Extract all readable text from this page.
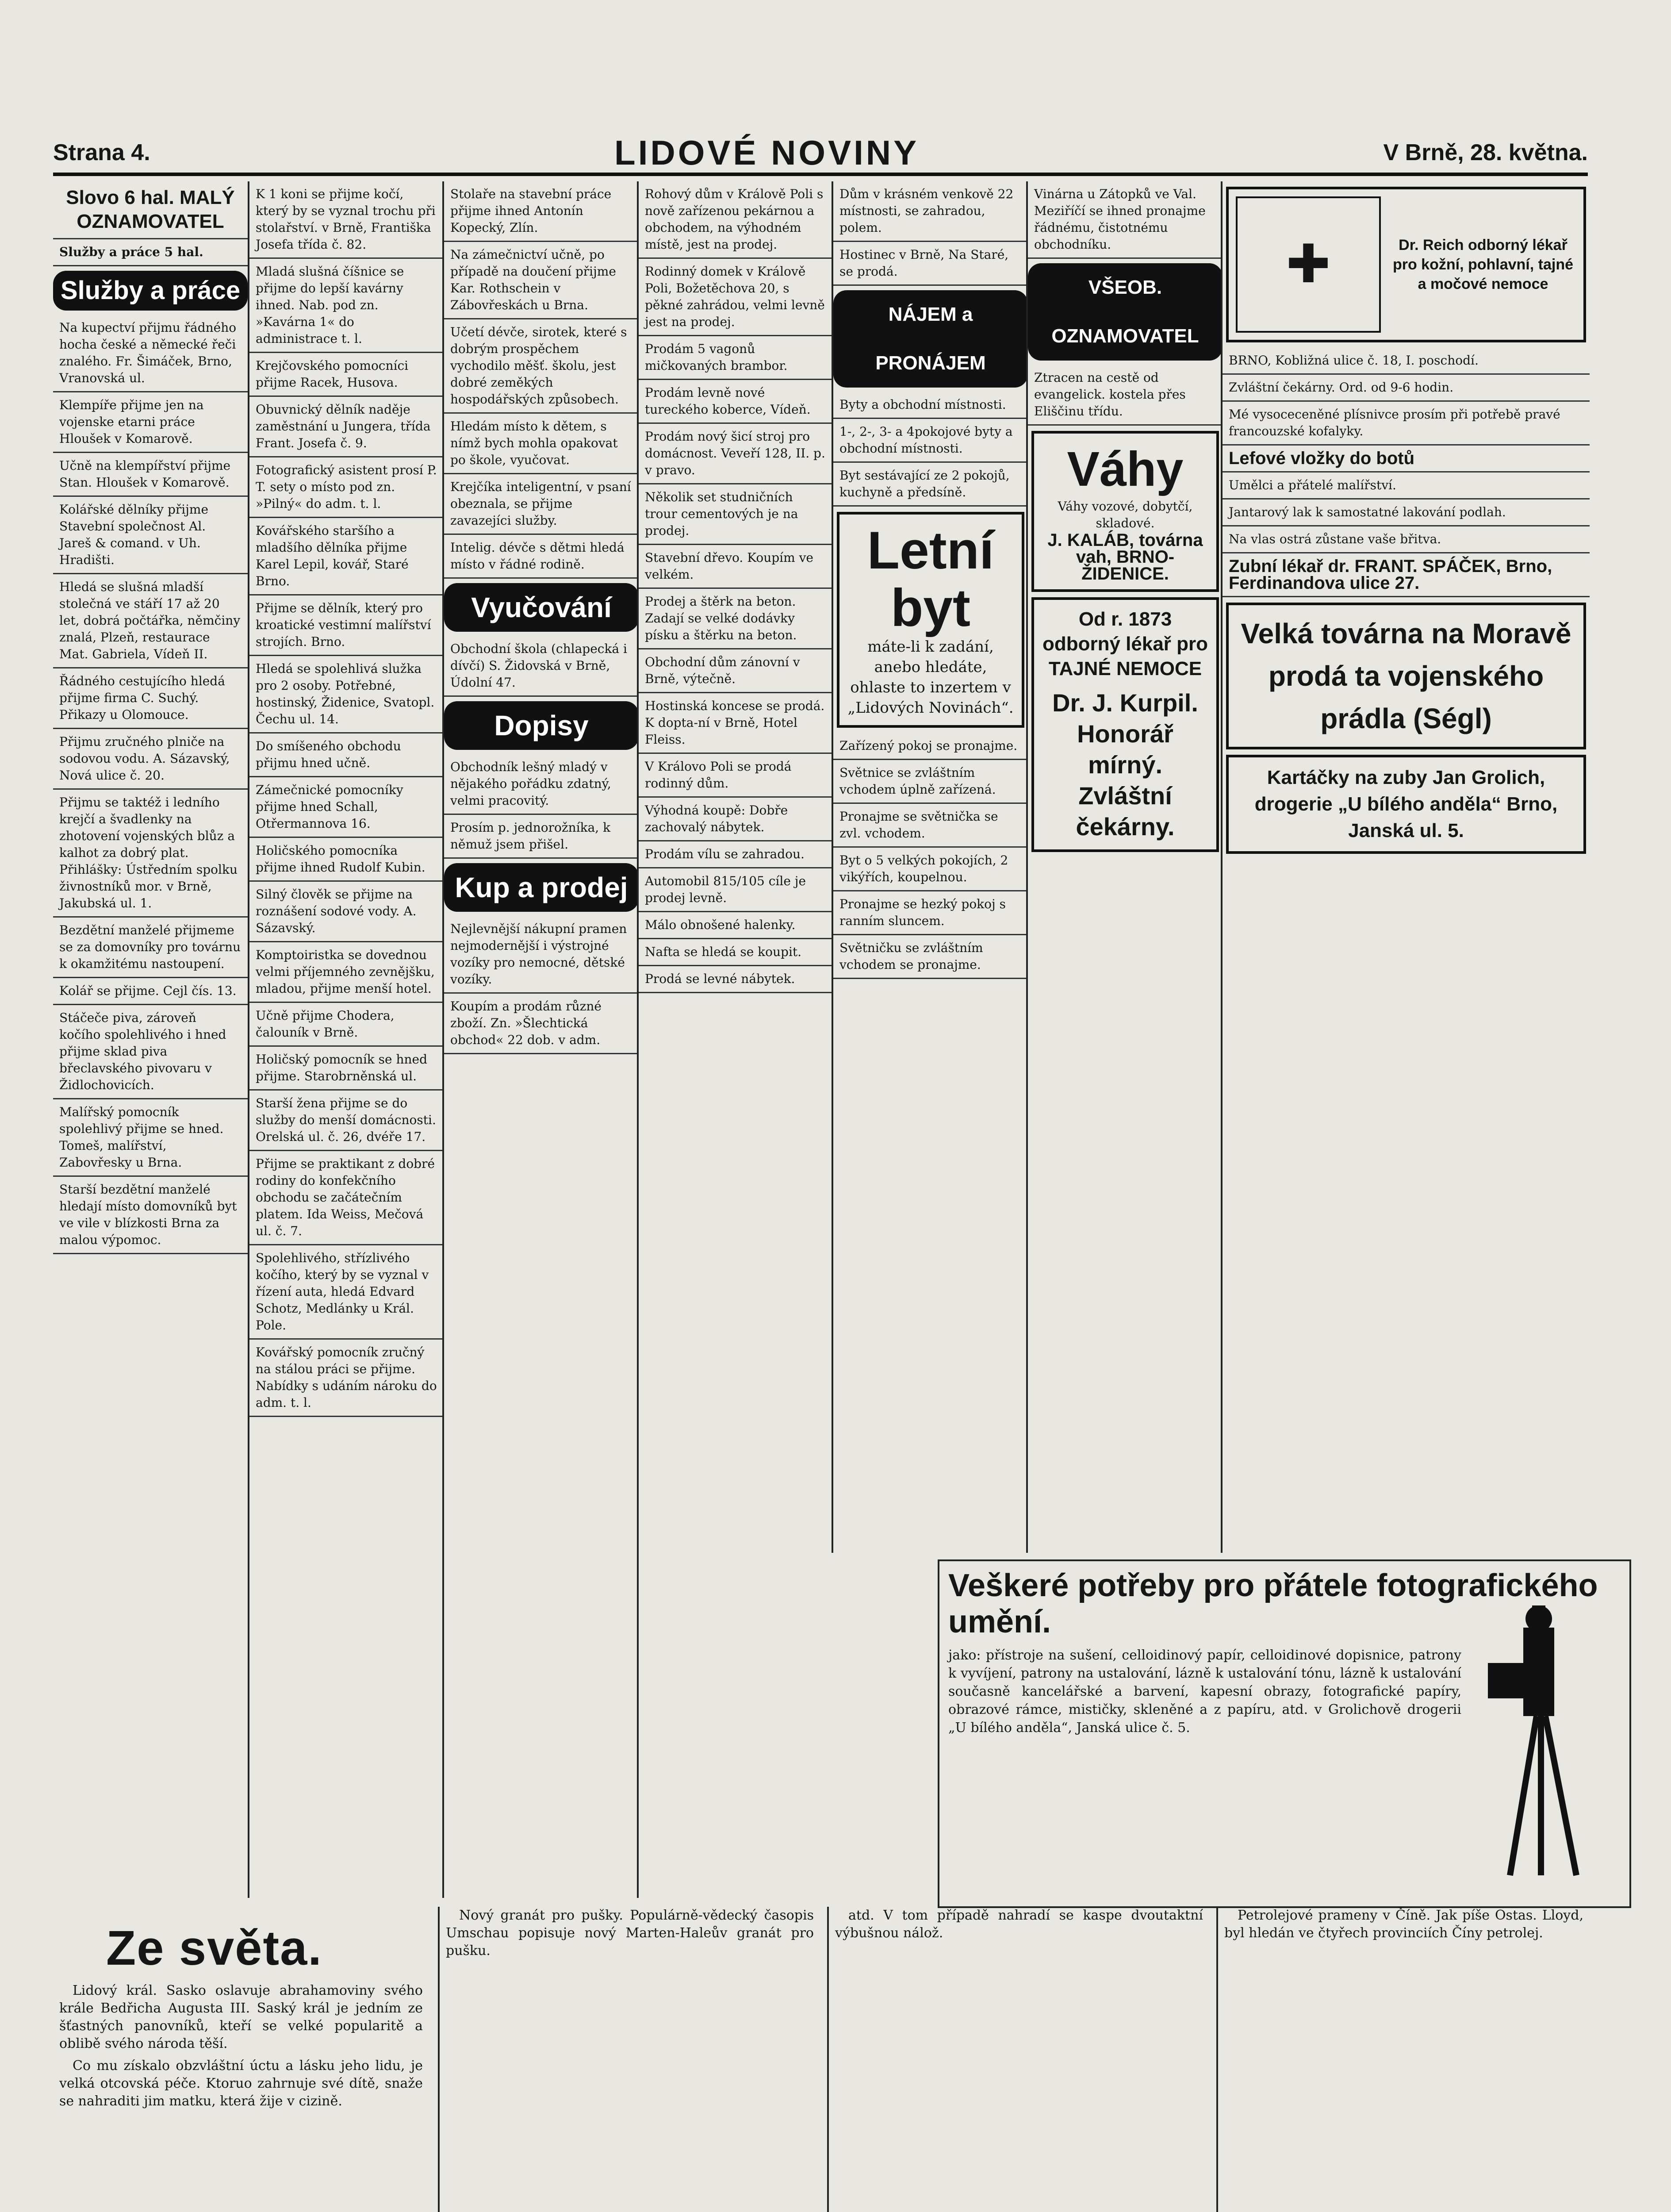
Strana 4.	LIDOVÉ NOVINY	V Brně, 28. května.
Slovo 6 hal. MALÝ OZNAMOVATEL
Služby a práce 5 hal.
Služby a práce
Na kupectví přijmu řádného hocha české a německé řeči znalého. Fr. Šimáček, Brno, Vranovská ul.
Klempíře přijme jen na vojenske etarni práce Hloušek v Komarově.
Učně na klempířství přijme Stan. Hloušek v Komarově.
Kolářské dělníky přijme Stavební společnost Al. Jareš & comand. v Uh. Hradišti.
Hledá se slušná mladší stolečná ve stáří 17 až 20 let, dobrá počtářka, němčiny znalá, Plzeň, restaurace Mat. Gabriela, Vídeň II.
Řádného cestujícího hledá přijme firma C. Suchý. Přikazy u Olomouce.
Přijmu zručného plniče na sodovou vodu. A. Sázavský, Nová ulice č. 20.
Přijmu se taktéž i ledního krejčí a švadlenky na zhotovení vojenských blůz a kalhot za dobrý plat. Přihlášky: Ústředním spolku živnostníků mor. v Brně, Jakubská ul. 1.
Bezdětní manželé přijmeme se za domovníky pro továrnu k okamžitému nastoupení.
Kolář se přijme. Cejl čís. 13.
Stáčeče piva, zároveň kočího spolehlivého i hned přijme sklad piva břeclavského pivovaru v Židlochovicích.
Malířský pomocník spolehlivý přijme se hned. Tomeš, malířství, Zabovřesky u Brna.
Starší bezdětní manželé hledají místo domovníků byt ve vile v blízkosti Brna za malou výpomoc.
K 1 koni se přijme kočí, který by se vyznal trochu při stolařství. v Brně, Františka Josefa třída č. 82.
Mladá slušná číšnice se přijme do lepší kavárny ihned. Nab. pod zn. »Kavárna 1« do administrace t. l.
Krejčovského pomocníci přijme Racek, Husova.
Obuvnický dělník naděje zaměstnání u Jungera, třída Frant. Josefa č. 9.
Fotografický asistent prosí P. T. sety o místo pod zn. »Pilný« do adm. t. l.
Kovářského staršího a mladšího dělníka přijme Karel Lepil, kovář, Staré Brno.
Přijme se dělník, který pro kroatické vestimní malířství strojích. Brno.
Hledá se spolehlivá služka pro 2 osoby. Potřebné, hostinský, Židenice, Svatopl. Čechu ul. 14.
Do smíšeného obchodu přijmu hned učně.
Zámečnické pomocníky přijme hned Schall, Otřermannova 16.
Holičského pomocníka přijme ihned Rudolf Kubin.
Silný člověk se přijme na roznášení sodové vody. A. Sázavský.
Komptoiristka se dovednou velmi příjemného zevnějšku, mladou, přijme menší hotel.
Učně přijme Chodera, čalouník v Brně.
Holičský pomocník se hned přijme. Starobrněnská ul.
Starší žena přijme se do služby do menší domácnosti. Orelská ul. č. 26, dvéře 17.
Přijme se praktikant z dobré rodiny do konfekčního obchodu se začátečním platem. Ida Weiss, Mečová ul. č. 7.
Spolehlivého, střízlivého kočího, který by se vyznal v řízení auta, hledá Edvard Schotz, Medlánky u Král. Pole.
Kovářský pomocník zručný na stálou práci se přijme. Nabídky s udáním nároku do adm. t. l.
Stolaře na stavební práce přijme ihned Antonín Kopecký, Zlín.
Na zámečnictví učně, po případě na doučení přijme Kar. Rothschein v Zábovřeskách u Brna.
Učetí dévče, sirotek, které s dobrým prospěchem vychodilo měšť. školu, jest dobré zeměkých hospodářských způsobech.
Hledám místo k dětem, s nímž bych mohla opakovat po škole, vyučovat.
Krejčíka inteligentní, v psaní obeznala, se přijme zavazejíci služby.
Intelig. dévče s dětmi hledá místo v řádné rodině.
Vyučování
Obchodní škola (chlapecká i dívčí) S. Židovská v Brně, Údolní 47.
Dopisy
Obchodník lešný mladý v nějakého pořádku zdatný, velmi pracovitý.
Prosím p. jednorožníka, k němuž jsem přišel.
Kup a prodej
Nejlevnější nákupní pramen nejmodernější i výstrojné vozíky pro nemocné, dětské vozíky.
Koupím a prodám různé zboží. Zn. »Šlechtická obchod« 22 dob. v adm.
Rohový dům v Králově Poli s nově zařízenou pekárnou a obchodem, na výhodném místě, jest na prodej.
Rodinný domek v Králově Poli, Božetěchova 20, s pěkné zahrádou, velmi levně jest na prodej.
Prodám 5 vagonů mičkovaných brambor.
Prodám levně nové tureckého koberce, Vídeň.
Prodám nový šicí stroj pro domácnost. Veveří 128, II. p. v pravo.
Několik set studničních trour cementových je na prodej.
Stavební dřevo. Koupím ve velkém.
Prodej a štěrk na beton. Zadají se velké dodávky písku a štěrku na beton.
Obchodní dům zánovní v Brně, výtečně.
Hostinská koncese se prodá. K dopta-ní v Brně, Hotel Fleiss.
V Královo Poli se prodá rodinný dům.
Výhodná koupě: Dobře zachovalý nábytek.
Prodám vílu se zahradou.
Automobil 815/105 cíle je prodej levně.
Málo obnošené halenky.
Nafta se hledá se koupit.
Prodá se levné nábytek.
Dům v krásném venkově 22 místnosti, se zahradou, polem.
Hostinec v Brně, Na Staré, se prodá.
NÁJEM a PRONÁJEM
Byty a obchodní místnosti.
1-, 2-, 3- a 4pokojové byty a obchodní místnosti.
Byt sestávající ze 2 pokojů, kuchyně a předsíně.
Letní byt
máte-li k zadání, anebo hledáte, ohlaste to inzertem v „Lidových Novinách“.
Zařízený pokoj se pronajme.
Světnice se zvláštním vchodem úplně zařízená.
Pronajme se světnička se zvl. vchodem.
Byt o 5 velkých pokojích, 2 vikýřích, koupelnou.
Pronajme se hezký pokoj s ranním sluncem.
Světničku se zvláštním vchodem se pronajme.
Vinárna u Zátopků ve Val. Meziříčí se ihned pronajme řádnému, čistotnému obchodníku.
VŠEOB. OZNAMOVATEL
Ztracen na cestě od evangelick. kostela přes Eliščinu třídu.
Váhy
Váhy vozové, dobytčí, skladové.
J. KALÁB, továrna vah, BRNO-ŽIDENICE.
Od r. 1873 odborný lékař pro TAJNÉ NEMOCE
Dr. J. Kurpil. Honorář mírný. Zvláštní čekárny.
✚	Dr. Reich odborný lékař pro kožní, pohlavní, tajné a močové nemoce
BRNO, Kobližná ulice č. 18, I. poschodí.
Zvláštní čekárny. Ord. od 9-6 hodin.
Mé vysoceceněné plísnivce prosím při potřebě pravé francouzské kofalyky.
Lefové vložky do botů
Umělci a přátelé malířství.
Jantarový lak k samostatné lakování podlah.
Na vlas ostrá zůstane vaše břitva.
Zubní lékař dr. FRANT. SPÁČEK, Brno, Ferdinandova ulice 27.
Velká továrna na Moravě prodá ta vojenského prádla (Ségl)
Kartáčky na zuby Jan Grolich, drogerie „U bílého anděla“ Brno, Janská ul. 5.
Veškeré potřeby pro přátele fotografického umění.
jako: přístroje na sušení, celloidinový papír, celloidinové dopisnice, patrony k vyvíjení, patrony na ustalování, lázně k ustalování tónu, lázně k ustalování současně kancelářské a barvení, kapesní obrazy, fotografické papíry, obrazové rámce, mističky, skleněné a z papíru, atd. v Grolichově drogerii „U bílého anděla“, Janská ulice č. 5.
Ze světa.

Lidový král. Sasko oslavuje abrahamoviny svého krále Bedřicha Augusta III. Saský král je jedním ze šťastných panovníků, kteří se velké popularitě a oblibě svého národa těší.

Co mu získalo obzvláštní úctu a lásku jeho lidu, je velká otcovská péče. Ktoruo zahrnuje své dítě, snaže se nahraditi jim matku, která žije v cizině.

Nový granát pro pušky. Populárně-vědecký časopis Umschau popisuje nový Marten-Haleův granát pro pušku.

atd. V tom případě nahradí se kaspe dvoutaktní výbušnou nálož.

Petrolejové prameny v Číně. Jak píše Ostas. Lloyd, byl hledán ve čtyřech provinciích Číny petrolej.
